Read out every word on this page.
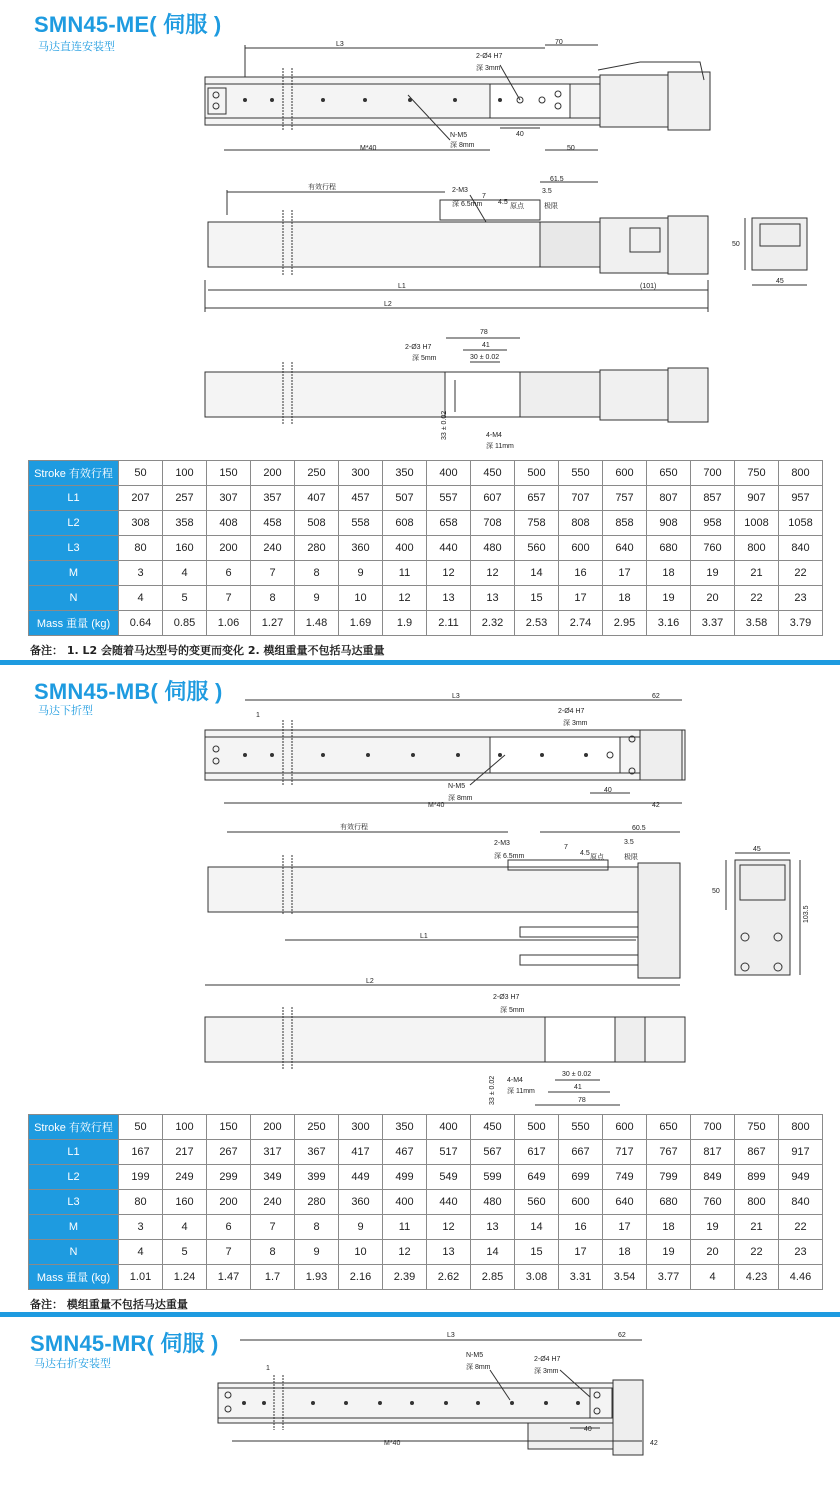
SMN45-ME( 伺服 )
马达直连安装型	L3	70
2-Ø4 H7
深 3mm
N-M5
深 8mm
40
M*40	50
有效行程	2-M3
深 6.5mm
7
4.5
61.5
3.5
原点	极限
L1	(101)
L2
50
45
78
41
30 ± 0.02
2-Ø3 H7
深 5mm
33 ± 0.02	4-M4
深 11mm
Stroke 有效行程	50	100	150	200	250	300	350	400	450	500	550	600	650	700	750	800
L1	207	257	307	357	407	457	507	557	607	657	707	757	807	857	907	957
L2	308	358	408	458	508	558	608	658	708	758	808	858	908	958	1008	1058
L3	80	160	200	240	280	360	400	440	480	560	600	640	680	760	800	840
M	3	4	6	7	8	9	11	12	12	14	16	17	18	19	21	22
N	4	5	7	8	9	10	12	13	13	15	17	18	19	20	22	23
Mass 重量 (kg)	0.64	0.85	1.06	1.27	1.48	1.69	1.9	2.11	2.32	2.53	2.74	2.95	3.16	3.37	3.58	3.79
备注： 1. L2 会随着马达型号的变更而变化 2. 模组重量不包括马达重量
SMN45-MB( 伺服 )
马达下折型
L3	62
1
2-Ø4 H7
深 3mm
N-M5
深 8mm
40
M*40	42
有效行程
2-M3
深 6.5mm
7
4.5
60.5
3.5
原点	极限
L1
L2
45
50
103.5
2-Ø3 H7
深 5mm
30 ± 0.02
33 ± 0.02 4-M4
深 11mm
41
78
Stroke 有效行程	50	100	150	200	250	300	350	400	450	500	550	600	650	700	750	800
L1	167	217	267	317	367	417	467	517	567	617	667	717	767	817	867	917
L2	199	249	299	349	399	449	499	549	599	649	699	749	799	849	899	949
L3	80	160	200	240	280	360	400	440	480	560	600	640	680	760	800	840
M	3	4	6	7	8	9	11	12	13	14	16	17	18	19	21	22
N	4	5	7	8	9	10	12	13	14	15	17	18	19	20	22	23
Mass 重量 (kg)	1.01	1.24	1.47	1.7	1.93	2.16	2.39	2.62	2.85	3.08	3.31	3.54	3.77	4	4.23	4.46
备注： 模组重量不包括马达重量
SMN45-MR( 伺服 )
马达右折安装型
L3	62
1
N-M5
深 8mm
2-Ø4 H7
深 3mm
40
M*40	42
